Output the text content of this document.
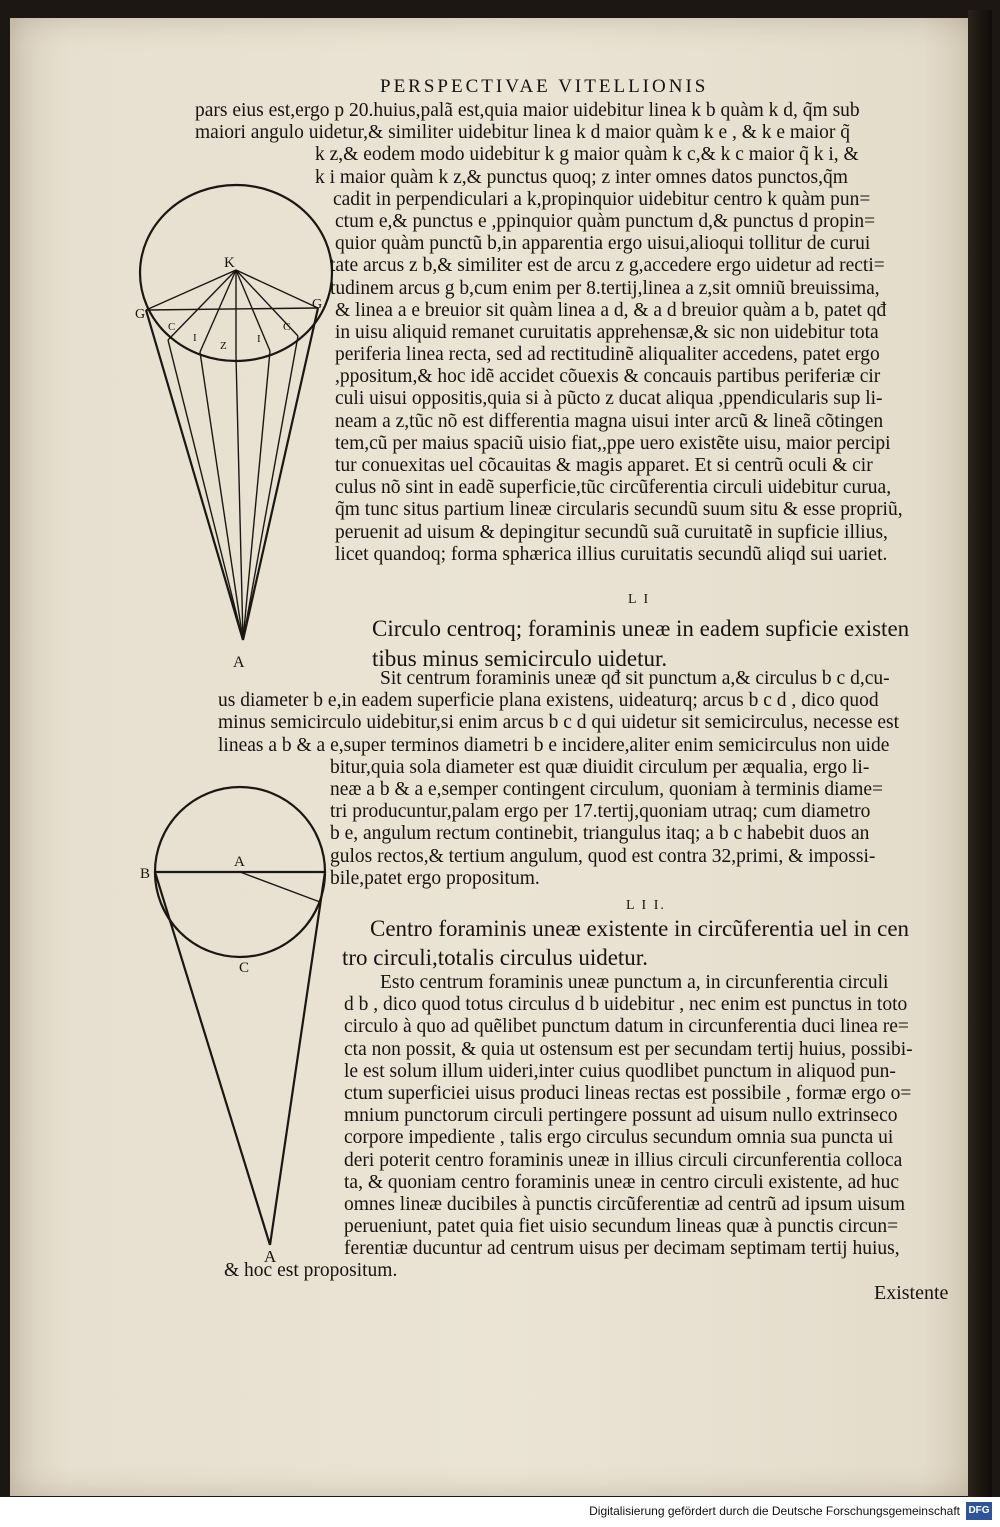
PERSPECTIVAE VITELLIONIS
K
G
G
C
I
Z
I
C
A
B
A
C
A
pars eius est,ergo p 20.huius,palã est,quia maior uidebitur linea k b quàm k d, q̃m sub
maiori angulo uidetur,& similiter uidebitur linea k d maior quàm k e , & k e maior q̃
k z,& eodem modo uidebitur k g maior quàm k c,& k c maior q̃ k i, &
k i maior quàm k z,& punctus quoq; z inter omnes datos punctos,q̃m
cadit in perpendiculari a k,propinquior uidebitur centro k quàm pun=
ctum e,& punctus e ,ppinquior quàm punctum d,& punctus d propin=
quior quàm punctũ b,in apparentia ergo uisui,alioqui tollitur de curui
tate arcus z b,& similiter est de arcu z g,accedere ergo uidetur ad recti=
tudinem arcus g b,cum enim per 8.tertij,linea a z,sit omniũ breuissima,
& linea a e breuior sit quàm linea a d, & a d breuior quàm a b, patet qđ
in uisu aliquid remanet curuitatis apprehensæ,& sic non uidebitur tota
periferia linea recta, sed ad rectitudinẽ aliqualiter accedens, patet ergo
,ppositum,& hoc idẽ accidet cõuexis & concauis partibus periferiæ cir
culi uisui oppositis,quia si à pũcto z ducat aliqua ,ppendicularis sup li-
neam a z,tũc nõ est differentia magna uisui inter arcũ & lineã cõtingen
tem,cũ per maius spaciũ uisio fiat,,ppe uero existẽte uisu, maior percipi
tur conuexitas uel cõcauitas & magis apparet. Et si centrũ oculi & cir
culus nõ sint in eadẽ superficie,tũc circũferentia circuli uidebitur curua,
q̃m tunc situs partium lineæ circularis secundũ suum situ & esse propriũ,
peruenit ad uisum & depingitur secundũ suã curuitatẽ in supficie illius,
licet quandoq; forma sphærica illius curuitatis secundũ aliqd sui uariet.
L I
Circulo centroq; foraminis uneæ in eadem supficie existen
tibus minus semicirculo uidetur.
Sit centrum foraminis uneæ qđ sit punctum a,& circulus b c d,cu-
us diameter b e,in eadem superficie plana existens, uideaturq; arcus b c d , dico quod
minus semicirculo uidebitur,si enim arcus b c d qui uidetur sit semicirculus, necesse est
lineas a b & a e,super terminos diametri b e incidere,aliter enim semicirculus non uide
bitur,quia sola diameter est quæ diuidit circulum per æqualia, ergo li-
neæ a b & a e,semper contingent circulum, quoniam à terminis diame=
tri producuntur,palam ergo per 17.tertij,quoniam utraq; cum diametro
b e, angulum rectum continebit, triangulus itaq; a b c habebit duos an
gulos rectos,& tertium angulum, quod est contra 32,primi, & impossi-
bile,patet ergo propositum.
L I I.
Centro foraminis uneæ existente in circũferentia uel in cen
tro circuli,totalis circulus uidetur.
Esto centrum foraminis uneæ punctum a, in circunferentia circuli
d b , dico quod totus circulus d b uidebitur , nec enim est punctus in toto
circulo à quo ad quẽlibet punctum datum in circunferentia duci linea re=
cta non possit, & quia ut ostensum est per secundam tertij huius, possibi-
le est solum illum uideri,inter cuius quodlibet punctum in aliquod pun-
ctum superficiei uisus produci lineas rectas est possibile , formæ ergo o=
mnium punctorum circuli pertingere possunt ad uisum nullo extrinseco
corpore impediente , talis ergo circulus secundum omnia sua puncta ui
deri poterit centro foraminis uneæ in illius circuli circunferentia colloca
ta, & quoniam centro foraminis uneæ in centro circuli existente, ad huc
omnes lineæ ducibiles à punctis circũferentiæ ad centrũ ad ipsum uisum
perueniunt, patet quia fiet uisio secundum lineas quæ à punctis circun=
ferentiæ ducuntur ad centrum uisus per decimam septimam tertij huius,
& hoc est propositum.
Existente
Digitalisierung gefördert durch die Deutsche Forschungsgemeinschaft DFG
